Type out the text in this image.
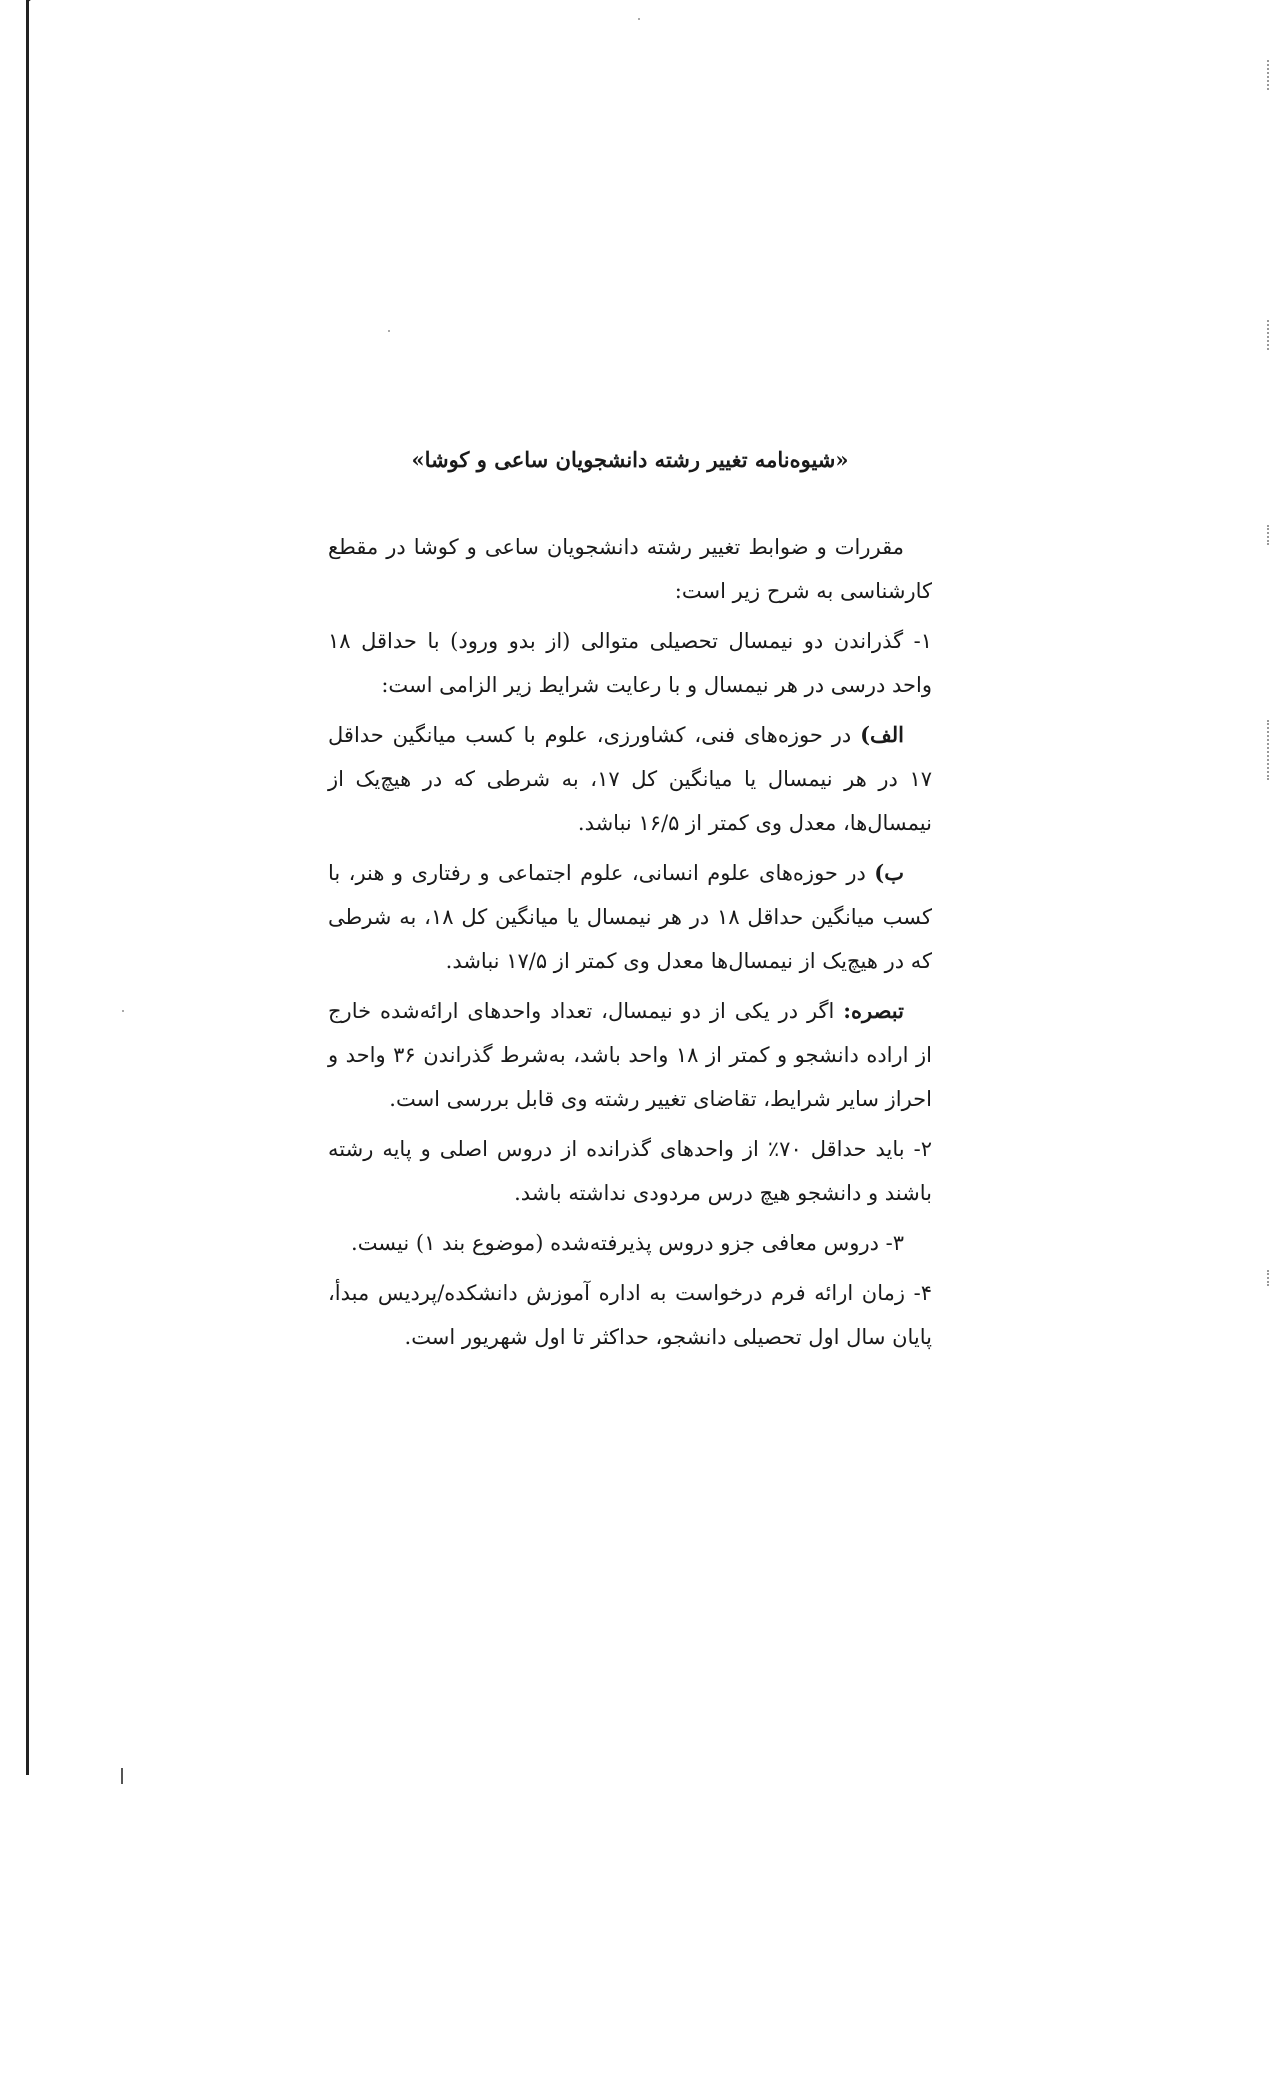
«شیوه‌نامه تغییر رشته دانشجویان ساعی و کوشا»

مقررات و ضوابط تغییر رشته دانشجویان ساعی و کوشا در مقطع کارشناسی به شرح زیر است:

۱- گذراندن دو نیمسال تحصیلی متوالی (از بدو ورود) با حداقل ۱۸ واحد درسی در هر نیمسال و با رعایت شرایط زیر الزامی است:

الف) در حوزه‌های فنی، کشاورزی، علوم با کسب میانگین حداقل ۱۷ در هر نیمسال یا میانگین کل ۱۷، به شرطی که در هیچ‌یک از نیمسال‌ها، معدل وی کمتر از ۱۶/۵ نباشد.

ب) در حوزه‌های علوم انسانی، علوم اجتماعی و رفتاری و هنر، با کسب میانگین حداقل ۱۸ در هر نیمسال یا میانگین کل ۱۸، به شرطی که در هیچ‌یک از نیمسال‌ها معدل وی کمتر از ۱۷/۵ نباشد.

تبصره: اگر در یکی از دو نیمسال، تعداد واحدهای ارائه‌شده خارج از اراده دانشجو و کمتر از ۱۸ واحد باشد، به‌شرط گذراندن ۳۶ واحد و احراز سایر شرایط، تقاضای تغییر رشته وی قابل بررسی است.

۲- باید حداقل ۷۰٪ از واحدهای گذرانده از دروس اصلی و پایه رشته باشند و دانشجو هیچ درس مردودی نداشته باشد.

۳- دروس معافی جزو دروس پذیرفته‌شده (موضوع بند ۱) نیست.

۴- زمان ارائه فرم درخواست به اداره آموزش دانشکده/پردیس مبدأ، پایان سال اول تحصیلی دانشجو، حداکثر تا اول شهریور است.
